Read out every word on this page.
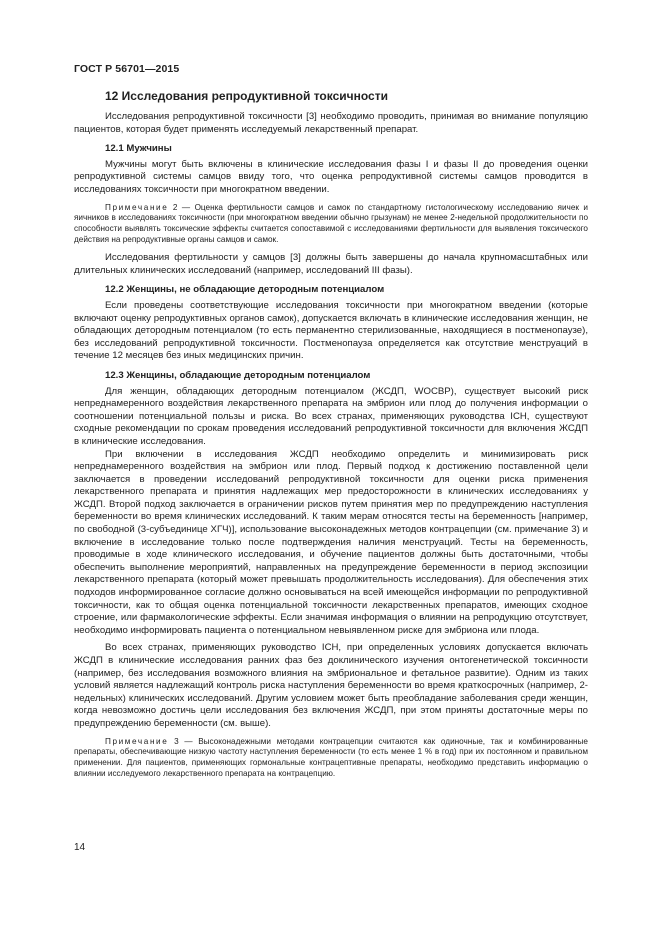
ГОСТ Р 56701—2015
12 Исследования репродуктивной токсичности

Исследования репродуктивной токсичности [3] необходимо проводить, принимая во внимание популяцию пациентов, которая будет применять исследуемый лекарственный препарат.

12.1 Мужчины

Мужчины могут быть включены в клинические исследования фазы I и фазы II до проведения оценки репродуктивной системы самцов ввиду того, что оценка репродуктивной системы самцов проводится в исследованиях токсичности при многократном введении.

Примечание 2 — Оценка фертильности самцов и самок по стандартному гистологическому исследованию яичек и яичников в исследованиях токсичности (при многократном введении обычно грызунам) не менее 2-недельной продолжительности по способности выявлять токсические эффекты считается сопоставимой с исследованиями фертильности для выявления токсического действия на репродуктивные органы самцов и самок.

Исследования фертильности у самцов [3] должны быть завершены до начала крупномасштабных или длительных клинических исследований (например, исследований III фазы).

12.2 Женщины, не обладающие детородным потенциалом

Если проведены соответствующие исследования токсичности при многократном введении (которые включают оценку репродуктивных органов самок), допускается включать в клинические исследования женщин, не обладающих детородным потенциалом (то есть перманентно стерилизованные, находящиеся в постменопаузе), без исследований репродуктивной токсичности. Постменопауза определяется как отсутствие менструаций в течение 12 месяцев без иных медицинских причин.

12.3 Женщины, обладающие детородным потенциалом

Для женщин, обладающих детородным потенциалом (ЖСДП, WOCBP), существует высокий риск непреднамеренного воздействия лекарственного препарата на эмбрион или плод до получения информации о соотношении потенциальной пользы и риска. Во всех странах, применяющих руководства ICH, существуют сходные рекомендации по срокам проведения исследований репродуктивной токсичности для включения ЖСДП в клинические исследования.

При включении в исследования ЖСДП необходимо определить и минимизировать риск непреднамеренного воздействия на эмбрион или плод. Первый подход к достижению поставленной цели заключается в проведении исследований репродуктивной токсичности для оценки риска применения лекарственного препарата и принятия надлежащих мер предосторожности в клинических исследованиях у ЖСДП. Второй подход заключается в ограничении рисков путем принятия мер по предупреждению наступления беременности во время клинических исследований. К таким мерам относятся тесты на беременность [например, по свободной (3-субъединице ХГЧ)], использование высоконадежных методов контрацепции (см. примечание 3) и включение в исследование только после подтверждения наличия менструаций. Тесты на беременность, проводимые в ходе клинического исследования, и обучение пациентов должны быть достаточными, чтобы обеспечить выполнение мероприятий, направленных на предупреждение беременности в период экспозиции лекарственного препарата (который может превышать продолжительность исследования). Для обеспечения этих подходов информированное согласие должно основываться на всей имеющейся информации по репродуктивной токсичности, как то общая оценка потенциальной токсичности лекарственных препаратов, имеющих сходное строение, или фармакологические эффекты. Если значимая информация о влиянии на репродукцию отсутствует, необходимо информировать пациента о потенциальном невыявленном риске для эмбриона или плода.

Во всех странах, применяющих руководство ICH, при определенных условиях допускается включать ЖСДП в клинические исследования ранних фаз без доклинического изучения онтогенетической токсичности (например, без исследования возможного влияния на эмбриональное и фетальное развитие). Одним из таких условий является надлежащий контроль риска наступления беременности во время краткосрочных (например, 2-недельных) клинических исследований. Другим условием может быть преобладание заболевания среди женщин, когда невозможно достичь цели исследования без включения ЖСДП, при этом приняты достаточные меры по предупреждению беременности (см. выше).

Примечание 3 — Высоконадежными методами контрацепции считаются как одиночные, так и комбинированные препараты, обеспечивающие низкую частоту наступления беременности (то есть менее 1 % в год) при их постоянном и правильном применении. Для пациентов, применяющих гормональные контрацептивные препараты, необходимо представить информацию о влиянии исследуемого лекарственного препарата на контрацепцию.
14
